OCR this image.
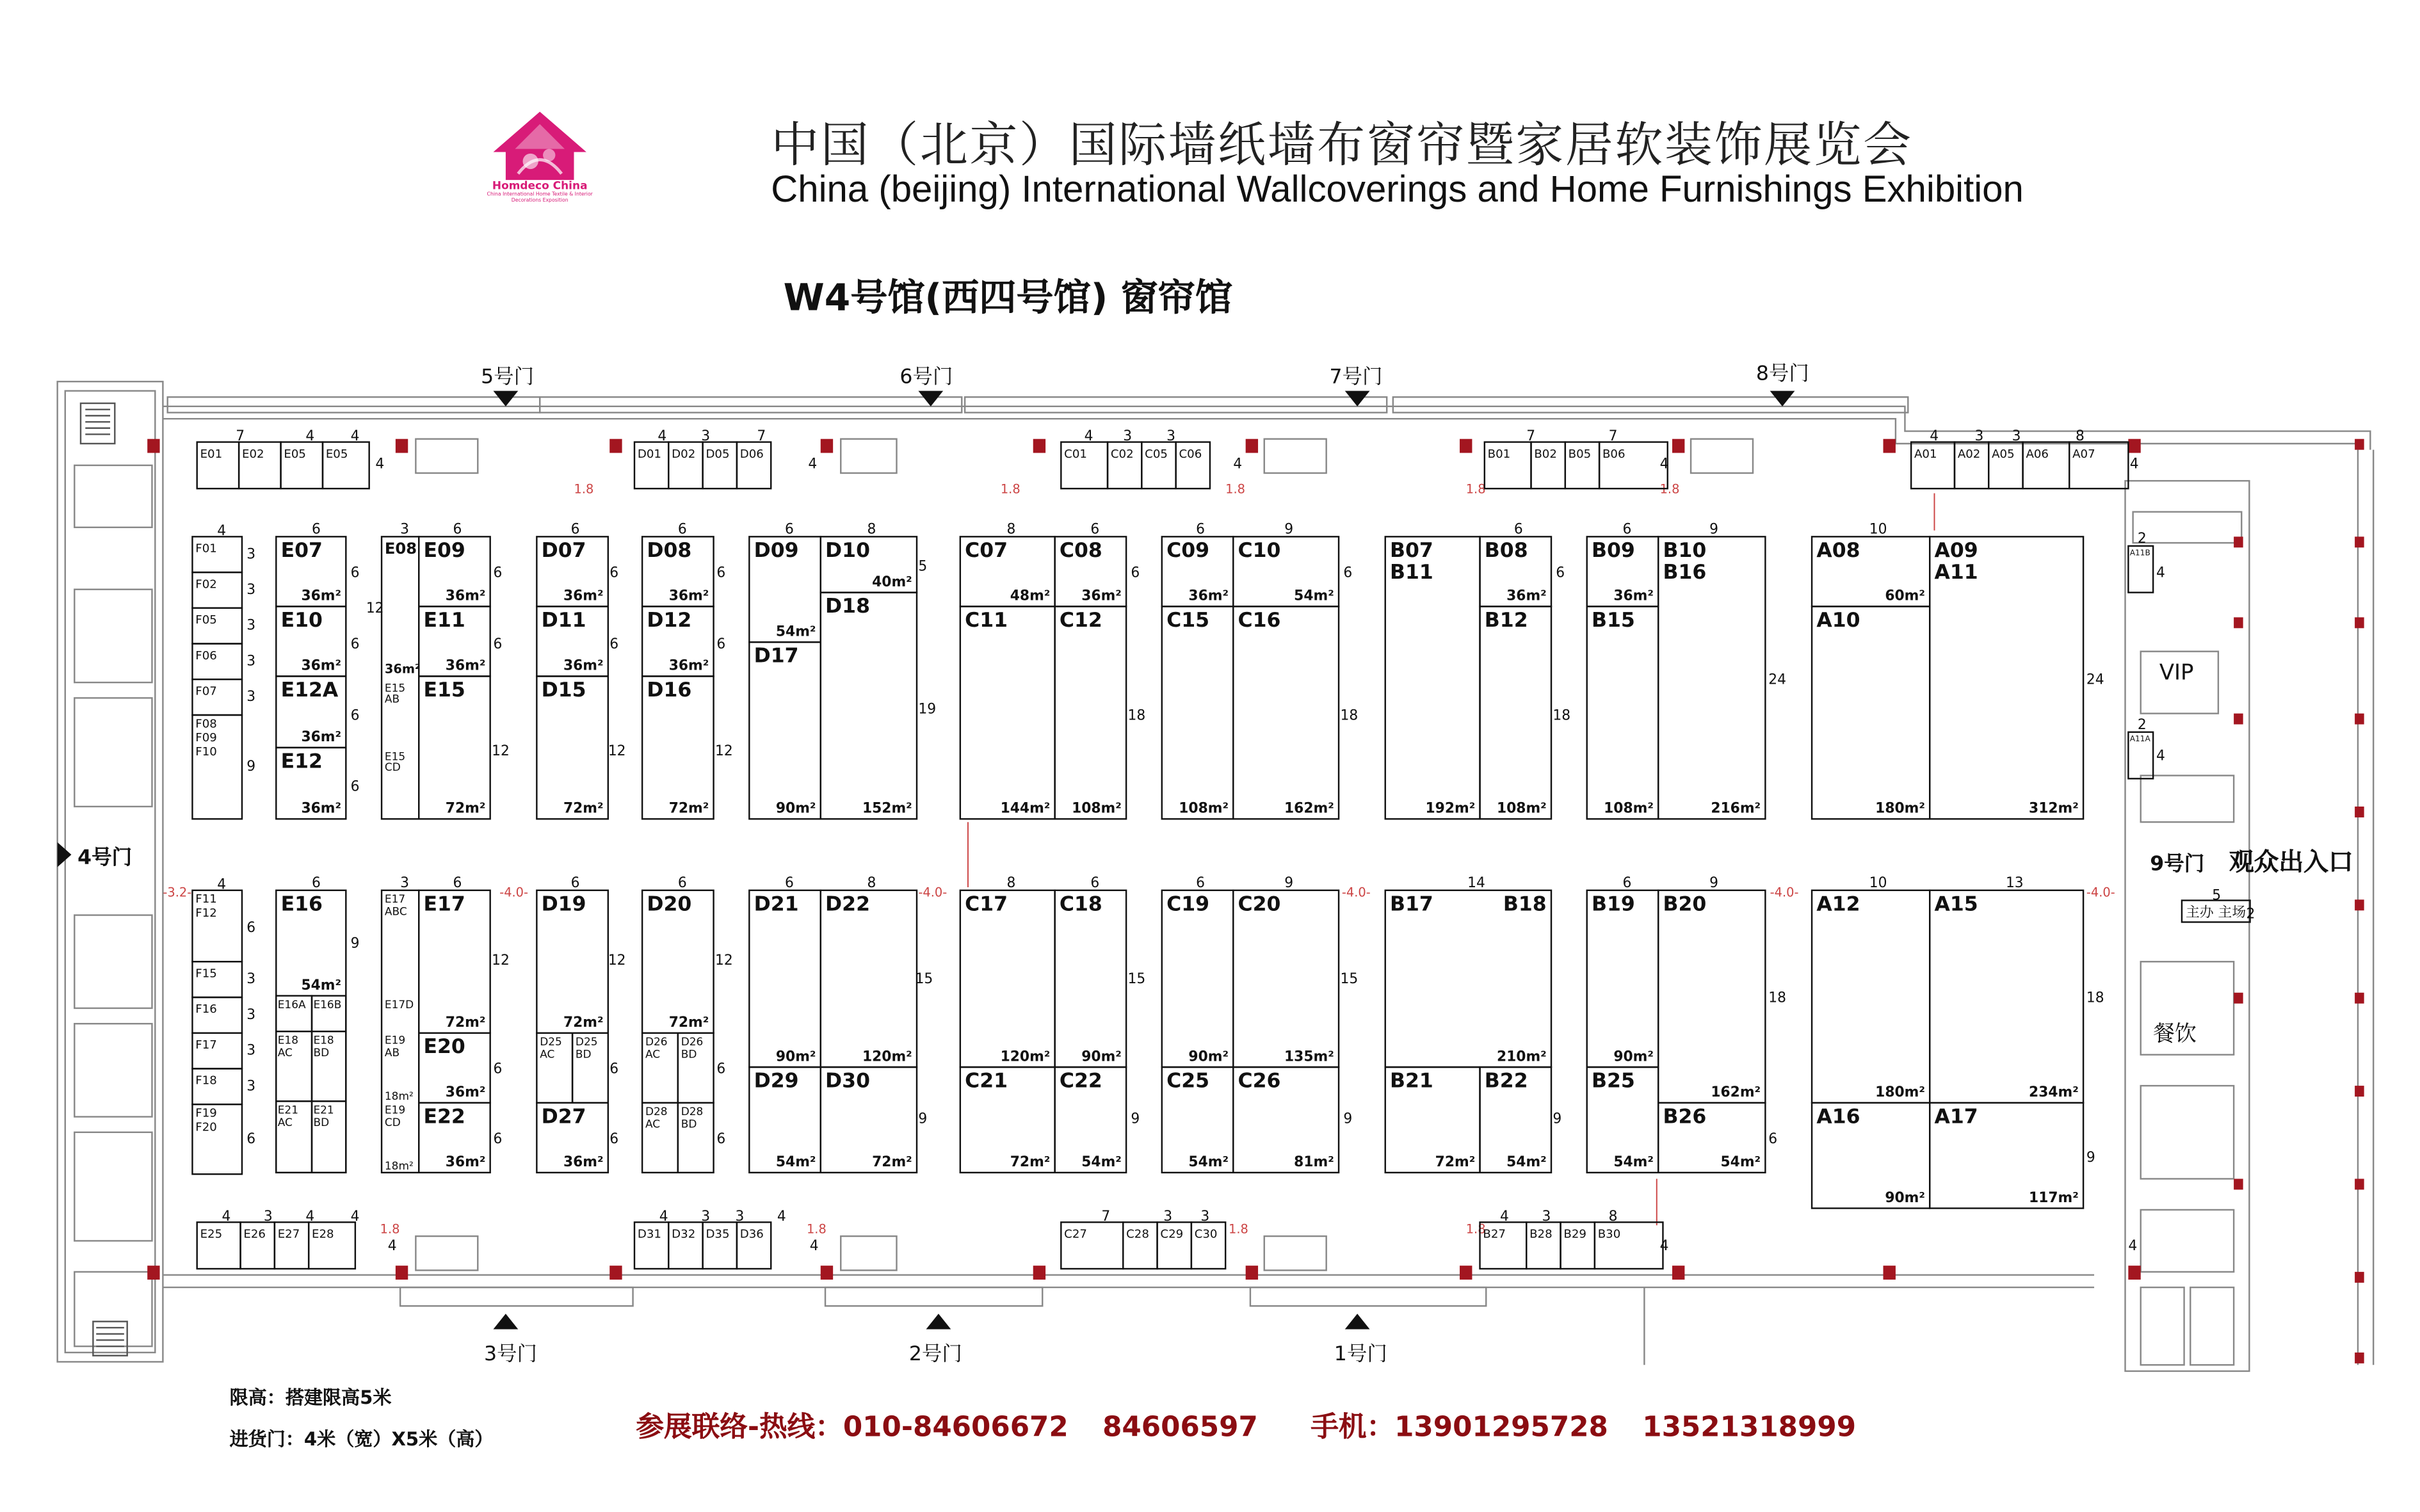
Homdeco China
China International Home Textile & Interior Decorations Exposition
中国（北京）国际墙纸墙布窗帘暨家居软装饰展览会
China (beijing) International Wallcoverings and Home Furnishings Exhibition
W4号馆(西四号馆) 窗帘馆
-3.2-	-4.0-	-4.0-	-4.0-	-4.0-	-4.0-
1.8	1.8	1.8	1.8	1.8
1.8	1.8	1.8	1.8
E01	E02	E05	E05	D01 D02 D05 D06	C01	C02 C05 C06	B01	B02 B05 B06	A01	A02 A05 A06	A07
E25	E26 E27 E28	D31 D32 D35 D36	C27	C28 C29 C30	B27	B28 B29 B30
F01
F02
F05
F06
F07
F08
F09
F10
F11
F12
F15
F16
F17
F18
F19
F20
E07
36m²
E10
36m²
E12A
36m²
E12
36m²
E08
36m²
E15
AB
E15
CD
E09
36m²
E11
36m²
E15
72m²
D07
36m²
D11
36m²
D15
72m²
D08
36m²
D12
36m²
D16
72m²
D09
54m²
D17
90m²
D10
40m²
D18
152m²
C07
48m²
C11
144m²
C08
36m²
C12
108m²
C09
36m²
C15
108m²
C10
54m²
C16
162m²
B07
B11
192m²
B08
36m²
B12
108m²
B09
36m²
B15
108m²
B10
B16
216m²
A08
60m²
A10
180m²
A09
A11
312m²
E16
54m²
E16A E16B
E18
AC
E18
BD
E21
AC
E21
BD
E17
ABC
E17D
E19
AB
18m²
E19
CD
18m²
E17
72m²
E20
36m²
E22
36m²
D19
72m²
D27
36m²
D25
AC
D25
BD
D20
72m²
D26
AC
D26
BD
D28
AC
D28
BD
D21
90m²
D29
54m²
D22
120m²
D30
72m²
C17
120m²
C21
72m²
C18
90m²
C22
54m²
C19
90m²
C25
54m²
C20
135m²
C26
81m²
B17	B18
210m²
B21
72m²
B22
54m²
B19
90m²
B25
54m²
B20
162m²
B26
54m²
A12
180m²
A16
90m²
A15
234m²
A17
117m²
A11B
A11A
4	6	3	6	6	6	6	8	8	6	6	9	6	6	9	10
6
6
6
6
12
6
6
12
6
6
12
6
6
12
5
19
6
18
6
18
6
18
24	24
3
3
3
3
3
9
4	6	3	6	6	6	6	8	8	6	6	9	14	6	9	10	13
9
12
6
6
12
6
6
12
6
6
15
9
15
9
15
9	9
18
6
18
9
6
3
3
3
3
6
7	4	4	4	3	7	4	3	3	7	7	4	3	3	8
4	3	4	4	4	3	3	4	7	3	3	4	3	8
4	4	4	4	4
4
4
4
4
4
4
2
2
5
2
5号门	6号门	7号门	8号门
3号门	2号门	1号门
4号门	9号门 观众出入口
VIP
餐饮
主办 主场
限高：搭建限高5米
进货门：4米（宽）X5米（高）	参展联络-热线：010-84606672	84606597	手机：13901295728	13521318999
